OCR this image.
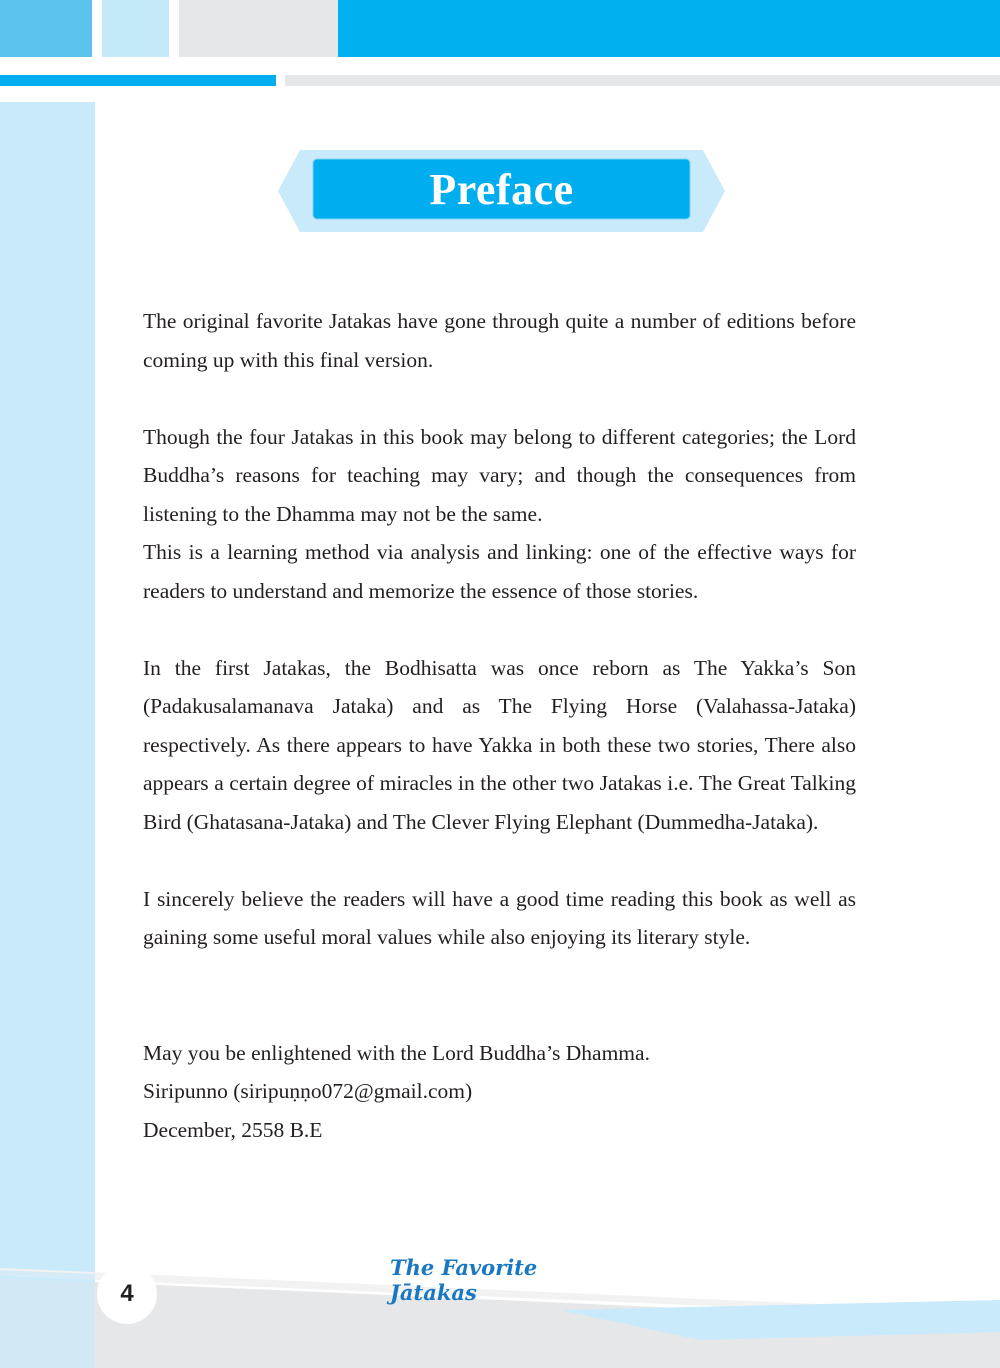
Preface

The original favorite Jatakas have gone through quite a number of editions before coming up with this final version.

Though the four Jatakas in this book may belong to different categories; the Lord Buddha’s reasons for teaching may vary; and though the consequences from listening to the Dhamma may not be the same.

This is a learning method via analysis and linking: one of the effective ways for readers to understand and memorize the essence of those stories.

In the first Jatakas, the Bodhisatta was once reborn as The Yakka’s Son (Padakusalamanava Jataka) and as The Flying Horse (Valahassa-Jataka) respectively. As there appears to have Yakka in both these two stories, There also appears a certain degree of miracles in the other two Jatakas i.e. The Great Talking Bird (Ghatasana-Jataka) and The Clever Flying Elephant (Dummedha-Jataka).

I sincerely believe the readers will have a good time reading this book as well as gaining some useful moral values while also enjoying its literary style.

May you be enlightened with the Lord Buddha’s Dhamma.

Siripunno (siripuṇṇo072@gmail.com)

December, 2558 B.E

4
The Favorite Jātakas
